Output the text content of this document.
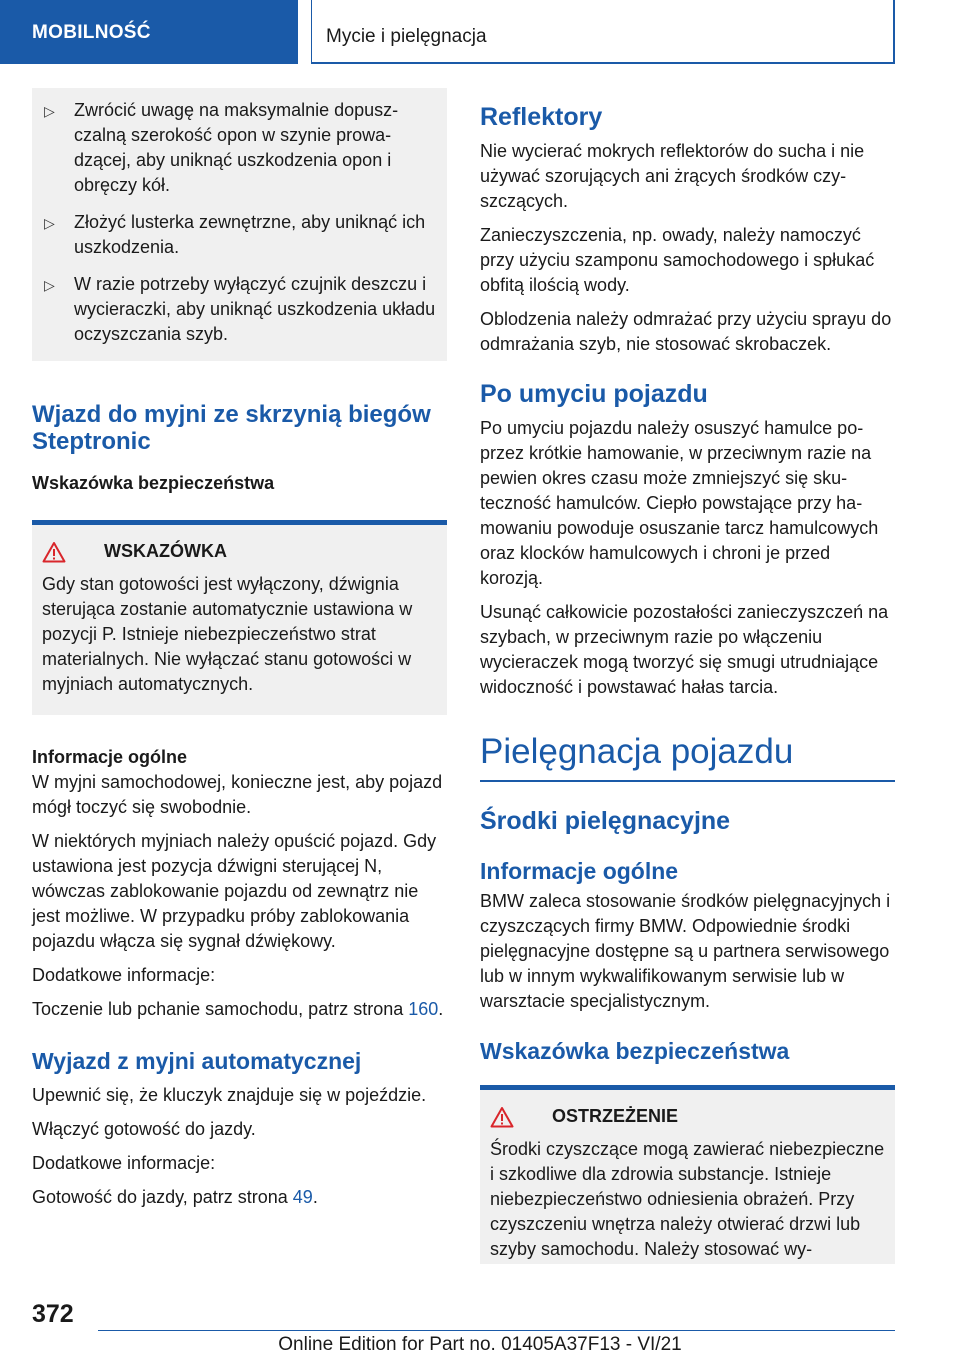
MOBILNOŚĆ	Mycie i pielęgnacja
▷	Zwrócić uwagę na maksymalnie dopuszczalną szerokość opon w szynie prowadzącej, aby uniknąć uszkodzenia opon i obręczy kół.
▷	Złożyć lusterka zewnętrzne, aby uniknąć ich uszkodzenia.
▷	W razie potrzeby wyłączyć czujnik deszczu i wycieraczki, aby uniknąć uszkodzenia układu oczyszczania szyb.
Wjazd do myjni ze skrzynią biegów Steptronic
Wskazówka bezpieczeństwa
WSKAZÓWKA

Gdy stan gotowości jest wyłączony, dźwignia sterująca zostanie automatycznie ustawiona w pozycji P. Istnieje niebezpieczeństwo strat materialnych. Nie wyłączać stanu gotowości w myjniach automatycznych.

Informacje ogólne

W myjni samochodowej, konieczne jest, aby pojazd mógł toczyć się swobodnie.

W niektórych myjniach należy opuścić pojazd. Gdy ustawiona jest pozycja dźwigni sterującej N, wówczas zablokowanie pojazdu od zewnątrz nie jest możliwe. W przypadku próby zablokowania pojazdu włącza się sygnał dźwiękowy.

Dodatkowe informacje:

Toczenie lub pchanie samochodu, patrz strona 160.

Wyjazd z myjni automatycznej

Upewnić się, że kluczyk znajduje się w pojeździe.

Włączyć gotowość do jazdy.

Dodatkowe informacje:

Gotowość do jazdy, patrz strona 49.

Reflektory

Nie wycierać mokrych reflektorów do sucha i nie używać szorujących ani żrących środków czyszczących.

Zanieczyszczenia, np. owady, należy namoczyć przy użyciu szamponu samochodowego i spłukać obfitą ilością wody.

Oblodzenia należy odmrażać przy użyciu sprayu do odmrażania szyb, nie stosować skrobaczek.

Po umyciu pojazdu

Po umyciu pojazdu należy osuszyć hamulce poprzez krótkie hamowanie, w przeciwnym razie na pewien okres czasu może zmniejszyć się skuteczność hamulców. Ciepło powstające przy hamowaniu powoduje osuszanie tarcz hamulcowych oraz klocków hamulcowych i chroni je przed korozją.

Usunąć całkowicie pozostałości zanieczyszczeń na szybach, w przeciwnym razie po włączeniu wycieraczek mogą tworzyć się smugi utrudniające widoczność i powstawać hałas tarcia.

Pielęgnacja pojazdu
Środki pielęgnacyjne
Informacje ogólne

BMW zaleca stosowanie środków pielęgnacyjnych i czyszczących firmy BMW. Odpowiednie środki pielęgnacyjne dostępne są u partnera serwisowego lub w innym wykwalifikowanym serwisie lub w warsztacie specjalistycznym.

Wskazówka bezpieczeństwa
OSTRZEŻENIE

Środki czyszczące mogą zawierać niebezpieczne i szkodliwe dla zdrowia substancje. Istnieje niebezpieczeństwo odniesienia obrażeń. Przy czyszczeniu wnętrza należy otwierać drzwi lub szyby samochodu. Należy stosować wy-

372
Online Edition for Part no. 01405A37F13 - VI/21
